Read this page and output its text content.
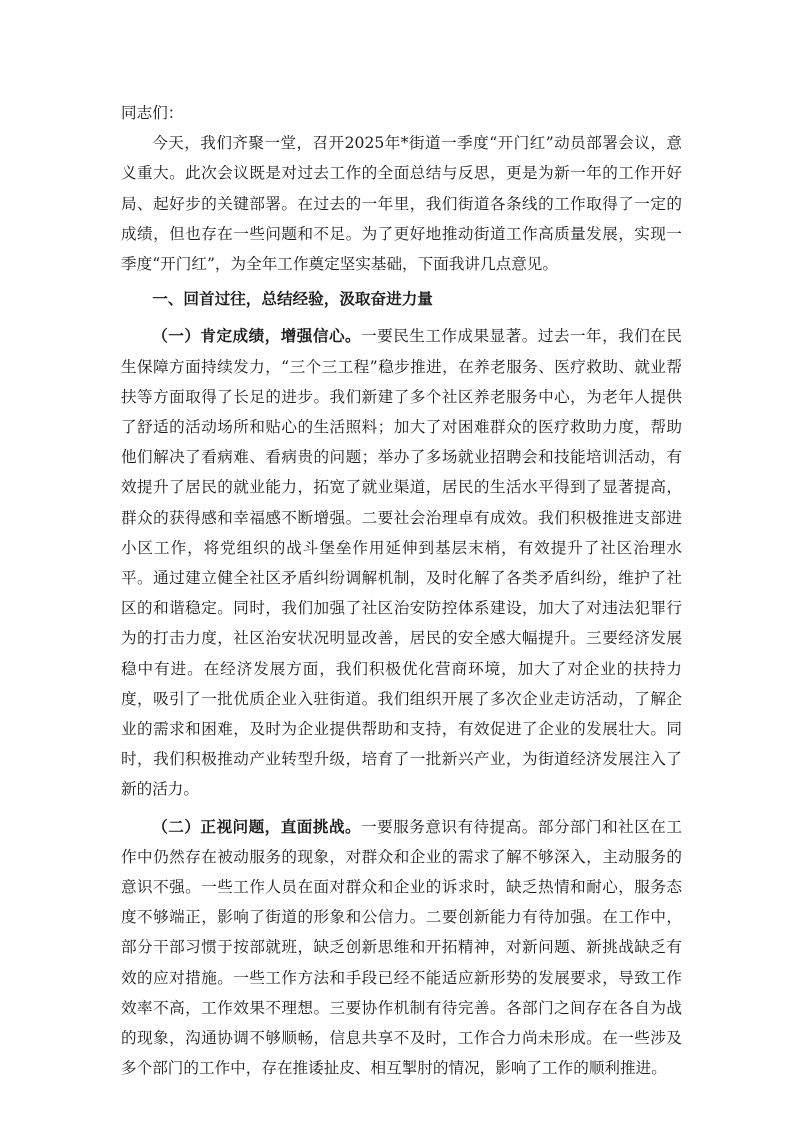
同志们：

今天，我们齐聚一堂，召开2025年*街道一季度“开门红”动员部署会议，意义重大。此次会议既是对过去工作的全面总结与反思，更是为新一年的工作开好局、起好步的关键部署。在过去的一年里，我们街道各条线的工作取得了一定的成绩，但也存在一些问题和不足。为了更好地推动街道工作高质量发展，实现一季度“开门红”，为全年工作奠定坚实基础，下面我讲几点意见。

一、回首过往，总结经验，汲取奋进力量

（一）肯定成绩，增强信心。一要民生工作成果显著。过去一年，我们在民生保障方面持续发力，“三个三工程”稳步推进，在养老服务、医疗救助、就业帮扶等方面取得了长足的进步。我们新建了多个社区养老服务中心，为老年人提供了舒适的活动场所和贴心的生活照料；加大了对困难群众的医疗救助力度，帮助他们解决了看病难、看病贵的问题；举办了多场就业招聘会和技能培训活动，有效提升了居民的就业能力，拓宽了就业渠道，居民的生活水平得到了显著提高，群众的获得感和幸福感不断增强。二要社会治理卓有成效。我们积极推进支部进小区工作，将党组织的战斗堡垒作用延伸到基层末梢，有效提升了社区治理水平。通过建立健全社区矛盾纠纷调解机制，及时化解了各类矛盾纠纷，维护了社区的和谐稳定。同时，我们加强了社区治安防控体系建设，加大了对违法犯罪行为的打击力度，社区治安状况明显改善，居民的安全感大幅提升。三要经济发展稳中有进。在经济发展方面，我们积极优化营商环境，加大了对企业的扶持力度，吸引了一批优质企业入驻街道。我们组织开展了多次企业走访活动，了解企业的需求和困难，及时为企业提供帮助和支持，有效促进了企业的发展壮大。同时，我们积极推动产业转型升级，培育了一批新兴产业，为街道经济发展注入了新的活力。

（二）正视问题，直面挑战。一要服务意识有待提高。部分部门和社区在工作中仍然存在被动服务的现象，对群众和企业的需求了解不够深入，主动服务的意识不强。一些工作人员在面对群众和企业的诉求时，缺乏热情和耐心，服务态度不够端正，影响了街道的形象和公信力。二要创新能力有待加强。在工作中，部分干部习惯于按部就班，缺乏创新思维和开拓精神，对新问题、新挑战缺乏有效的应对措施。一些工作方法和手段已经不能适应新形势的发展要求，导致工作效率不高，工作效果不理想。三要协作机制有待完善。各部门之间存在各自为战的现象，沟通协调不够顺畅，信息共享不及时，工作合力尚未形成。在一些涉及多个部门的工作中，存在推诿扯皮、相互掣肘的情况，影响了工作的顺利推进。
